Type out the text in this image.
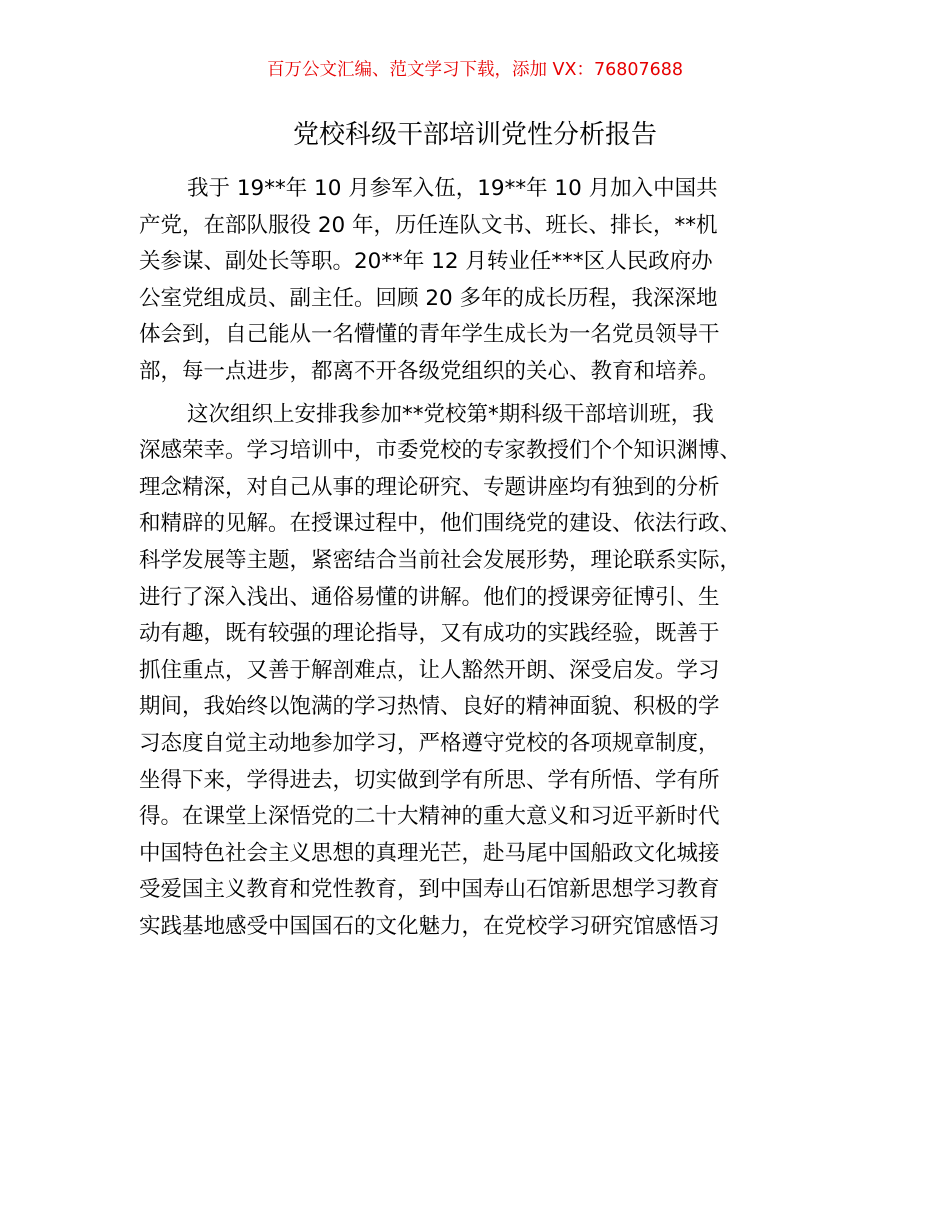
百万公文汇编、范文学习下载，添加 VX：76807688
党校科级干部培训党性分析报告
我于 19**年 10 月参军入伍，19**年 10 月加入中国共
产党，在部队服役 20 年，历任连队文书、班长、排长，**机
关参谋、副处长等职。20**年 12 月转业任***区人民政府办
公室党组成员、副主任。回顾 20 多年的成长历程，我深深地
体会到，自己能从一名懵懂的青年学生成长为一名党员领导干
部，每一点进步，都离不开各级党组织的关心、教育和培养。
这次组织上安排我参加**党校第*期科级干部培训班，我
深感荣幸。学习培训中，市委党校的专家教授们个个知识渊博、
理念精深，对自己从事的理论研究、专题讲座均有独到的分析
和精辟的见解。在授课过程中，他们围绕党的建设、依法行政、
科学发展等主题，紧密结合当前社会发展形势，理论联系实际，
进行了深入浅出、通俗易懂的讲解。他们的授课旁征博引、生
动有趣，既有较强的理论指导，又有成功的实践经验，既善于
抓住重点，又善于解剖难点，让人豁然开朗、深受启发。学习
期间，我始终以饱满的学习热情、良好的精神面貌、积极的学
习态度自觉主动地参加学习，严格遵守党校的各项规章制度，
坐得下来，学得进去，切实做到学有所思、学有所悟、学有所
得。在课堂上深悟党的二十大精神的重大意义和习近平新时代
中国特色社会主义思想的真理光芒，赴马尾中国船政文化城接
受爱国主义教育和党性教育，到中国寿山石馆新思想学习教育
实践基地感受中国国石的文化魅力，在党校学习研究馆感悟习
